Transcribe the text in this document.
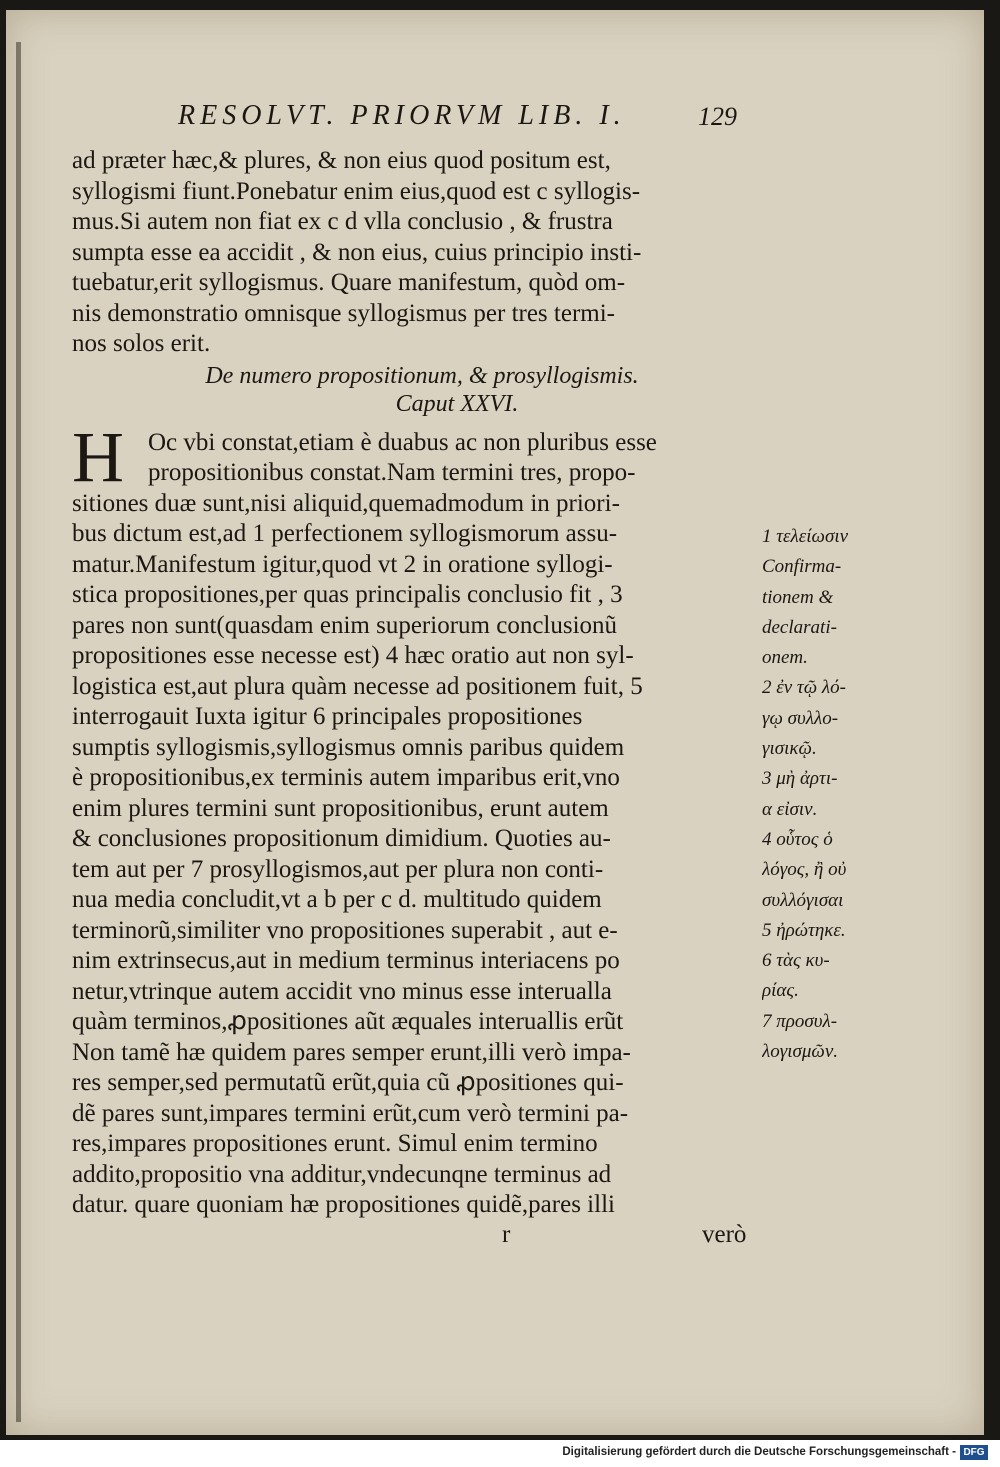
RESOLVT. PRIORVM LIB. I.	129
ad præter hæc,& plures, & non eius quod positum est,
syllogismi fiunt.Ponebatur enim eius,quod est c syllogis-
mus.Si autem non fiat ex c d vlla conclusio , & frustra
sumpta esse ea accidit , & non eius, cuius principio insti-
tuebatur,erit syllogismus. Quare manifestum, quòd om-
nis demonstratio omnisque syllogismus per tres termi-
nos solos erit.
De numero propositionum, & prosyllogismis.
Caput XXVI.
H Oc vbi constat,etiam è duabus ac non pluribus esse
propositionibus constat.Nam termini tres, propo-
sitiones duæ sunt,nisi aliquid,quemadmodum in priori-
bus dictum est,ad 1 perfectionem syllogismorum assu-
matur.Manifestum igitur,quod vt 2 in oratione syllogi-
stica propositiones,per quas principalis conclusio fit , 3
pares non sunt(quasdam enim superiorum conclusionũ
propositiones esse necesse est) 4 hæc oratio aut non syl-
logistica est,aut plura quàm necesse ad positionem fuit, 5
interrogauit Iuxta igitur 6 principales propositiones
sumptis syllogismis,syllogismus omnis paribus quidem
è propositionibus,ex terminis autem imparibus erit,vno
enim plures termini sunt propositionibus, erunt autem
& conclusiones propositionum dimidium. Quoties au-
tem aut per 7 prosyllogismos,aut per plura non conti-
nua media concludit,vt a b per c d. multitudo quidem
terminorũ,similiter vno propositiones superabit , aut e-
nim extrinsecus,aut in medium terminus interiacens po
netur,vtrinque autem accidit vno minus esse interualla
quàm terminos,ꝓpositiones aũt æquales interuallis erũt
Non tamẽ hæ quidem pares semper erunt,illi verò impa-
res semper,sed permutatũ erũt,quia cũ ꝓpositiones qui-
dẽ pares sunt,impares termini erũt,cum verò termini pa-
res,impares propositiones erunt. Simul enim termino
addito,propositio vna additur,vndecunqne terminus ad
datur. quare quoniam hæ propositiones quidẽ,pares illi
r	verò
1 τελείωσιν
Confirma-
tionem &
declarati-
onem.
2 ἐν τῷ λό-
γῳ συλλο-
γισικῷ.
3 μὴ ἀρτι-
α εἰσιν.
4 οὗτος ὁ
λόγος, ἢ οὐ
συλλόγισαι
5 ἠρώτηκε.
6 τὰς κυ-
ρίας.
7 προσυλ-
λογισμῶν.
Digitalisierung gefördert durch die Deutsche Forschungsgemeinschaft - DFG
